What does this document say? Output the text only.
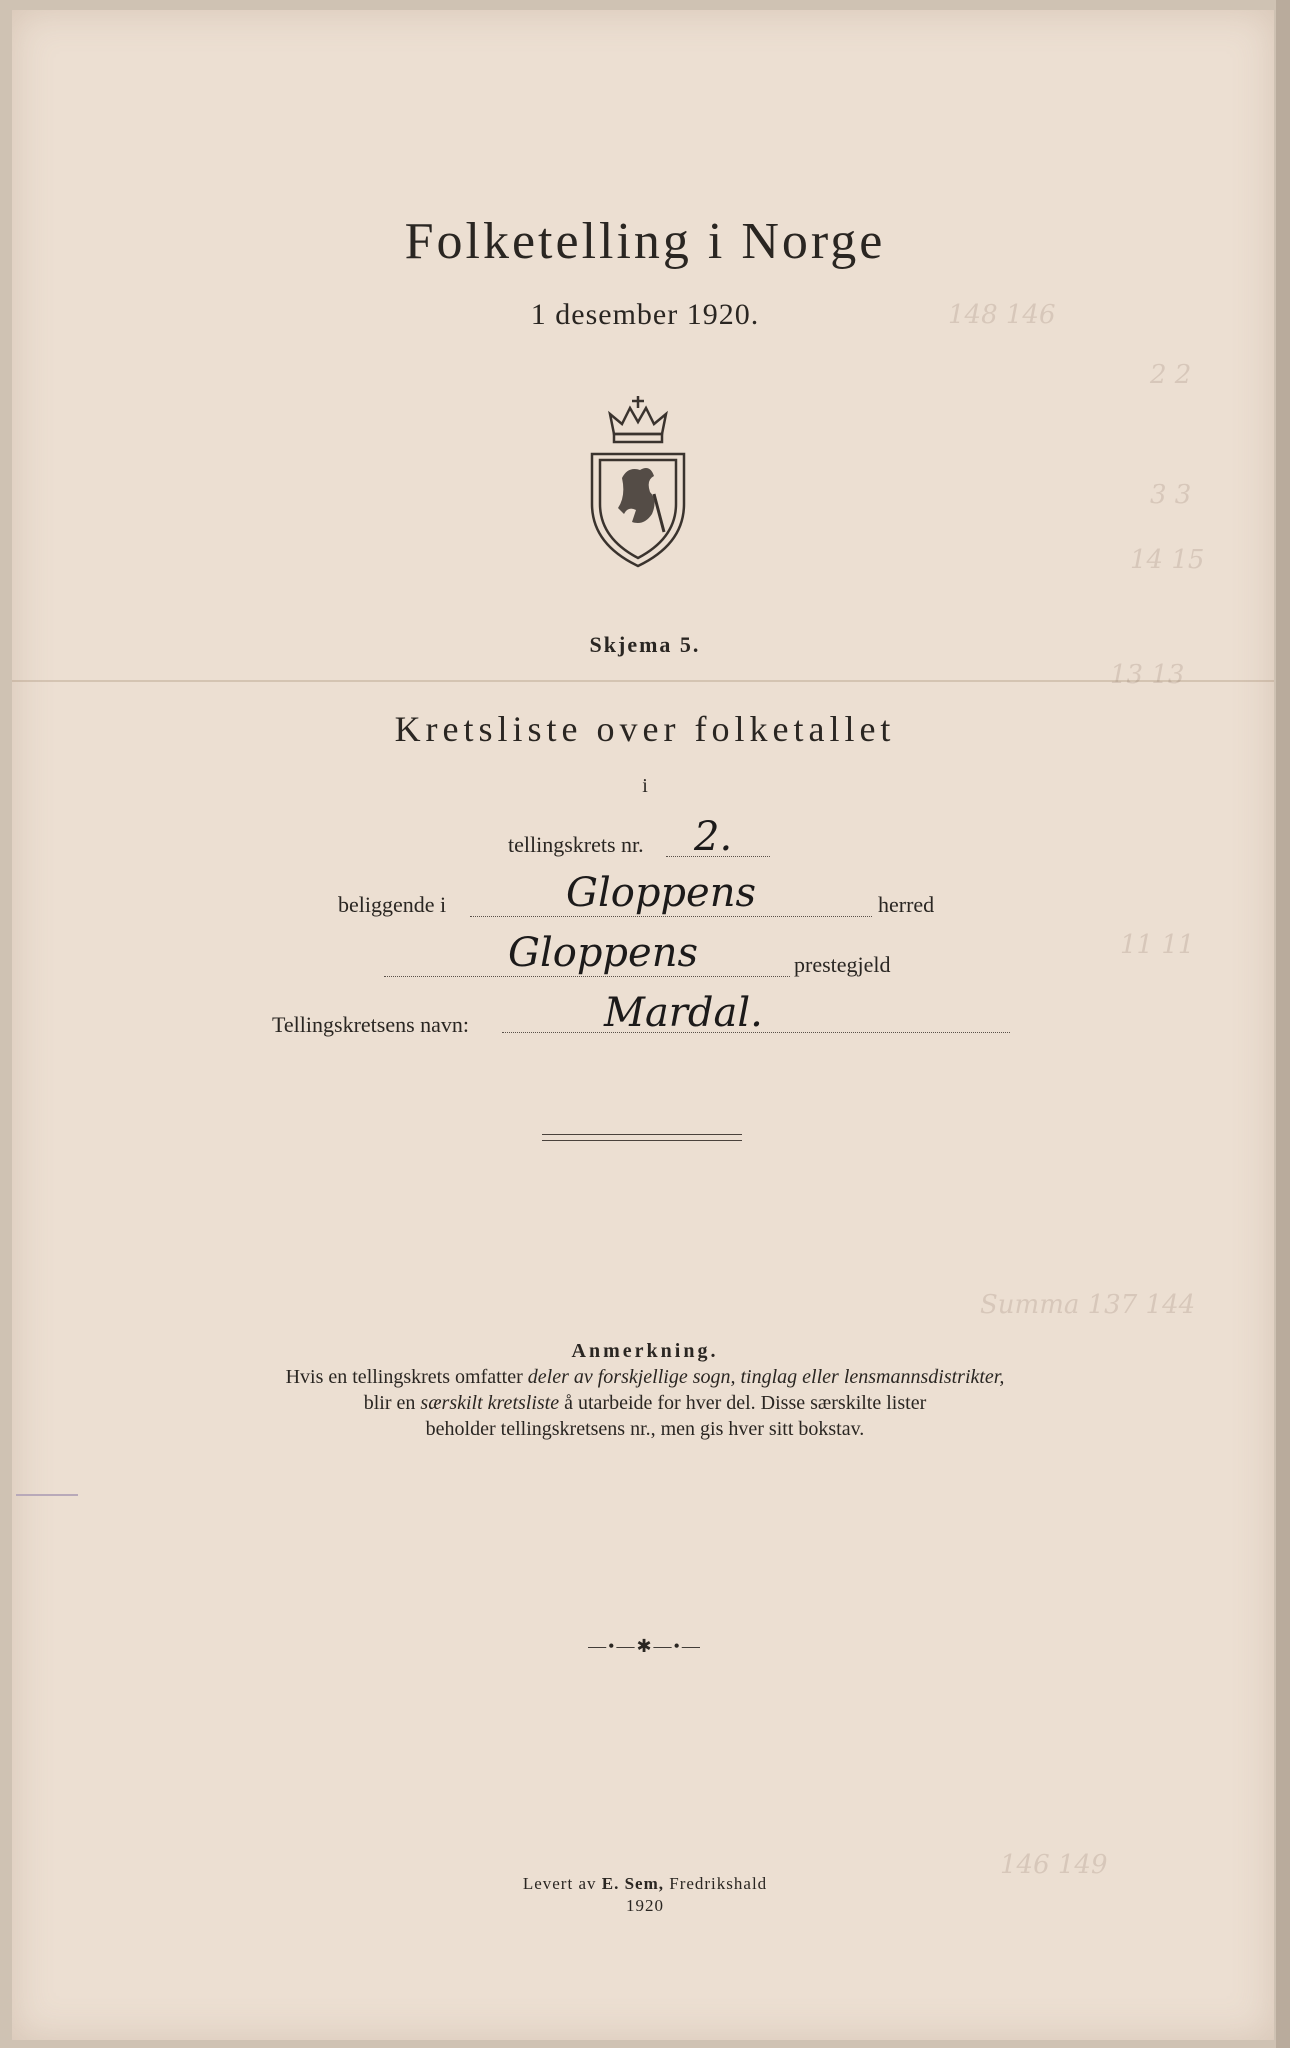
148 146
2 2
3 3
14 15
13 13
11 11
Summa 137 144
146 149
Folketelling i Norge
1 desember 1920.
Skjema 5.
Kretsliste over folketallet
i
tellingskrets nr. 2.
beliggende i	Gloppens	herred
Gloppens	prestegjeld
Tellingskretsens navn:	Mardal.
Anmerkning.
Hvis en tellingskrets omfatter deler av forskjellige sogn, tinglag eller lensmannsdistrikter,
blir en særskilt kretsliste å utarbeide for hver del. Disse særskilte lister
beholder tellingskretsens nr., men gis hver sitt bokstav.
—•—✱—•—
Levert av E. Sem, Fredrikshald
1920
